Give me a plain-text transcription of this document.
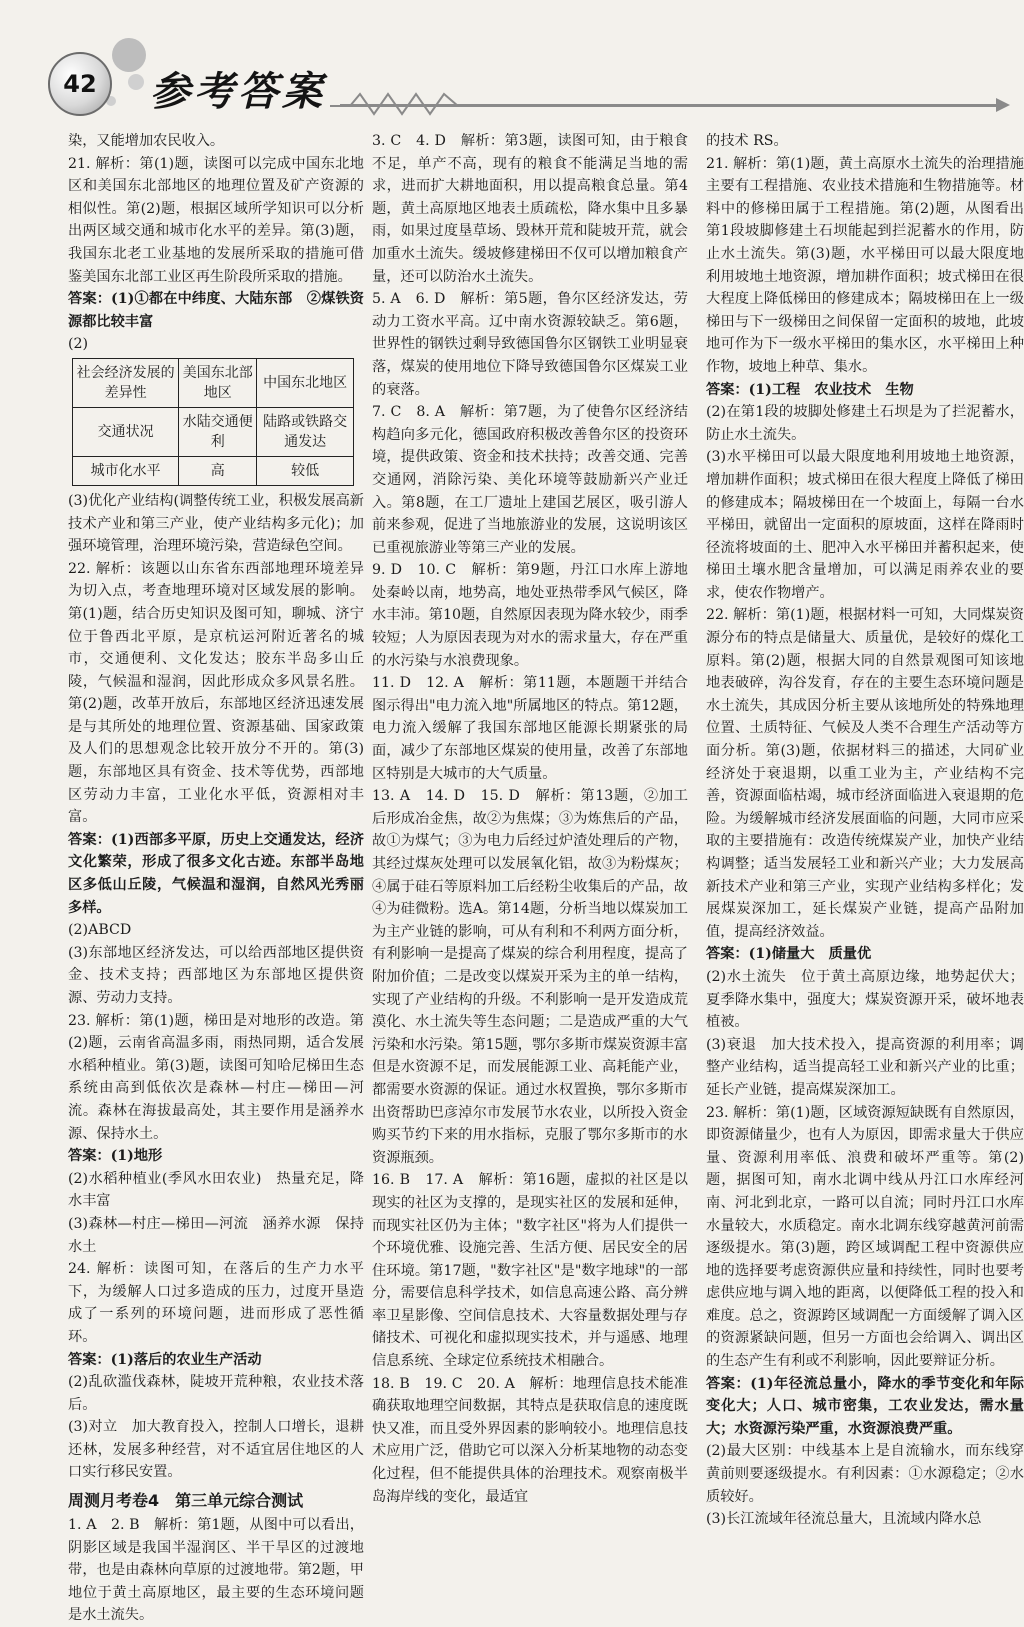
42	参考答案

染，又能增加农民收入。

21. 解析：第(1)题，读图可以完成中国东北地区和美国东北部地区的地理位置及矿产资源的相似性。第(2)题，根据区域所学知识可以分析出两区域交通和城市化水平的差异。第(3)题，我国东北老工业基地的发展所采取的措施可借鉴美国东北部工业区再生阶段所采取的措施。

答案：(1)①都在中纬度、大陆东部　②煤铁资源都比较丰富

(2)

社会经济发展的差异性	美国东北部地区	中国东北地区
交通状况	水陆交通便利	陆路或铁路交通发达
城市化水平	高	较低

(3)优化产业结构(调整传统工业，积极发展高新技术产业和第三产业，使产业结构多元化)；加强环境管理，治理环境污染，营造绿色空间。

22. 解析：该题以山东省东西部地理环境差异为切入点，考查地理环境对区域发展的影响。第(1)题，结合历史知识及图可知，聊城、济宁位于鲁西北平原，是京杭运河附近著名的城市，交通便利、文化发达；胶东半岛多山丘陵，气候温和湿润，因此形成众多风景名胜。第(2)题，改革开放后，东部地区经济迅速发展是与其所处的地理位置、资源基础、国家政策及人们的思想观念比较开放分不开的。第(3)题，东部地区具有资金、技术等优势，西部地区劳动力丰富，工业化水平低，资源相对丰富。

答案：(1)西部多平原，历史上交通发达，经济文化繁荣，形成了很多文化古迹。东部半岛地区多低山丘陵，气候温和湿润，自然风光秀丽多样。

(2)ABCD

(3)东部地区经济发达，可以给西部地区提供资金、技术支持；西部地区为东部地区提供资源、劳动力支持。

23. 解析：第(1)题，梯田是对地形的改造。第(2)题，云南省高温多雨，雨热同期，适合发展水稻种植业。第(3)题，读图可知哈尼梯田生态系统由高到低依次是森林—村庄—梯田—河流。森林在海拔最高处，其主要作用是涵养水源、保持水土。

答案：(1)地形

(2)水稻种植业(季风水田农业)　热量充足，降水丰富

(3)森林—村庄—梯田—河流　涵养水源　保持水土

24. 解析：读图可知，在落后的生产力水平下，为缓解人口过多造成的压力，过度开垦造成了一系列的环境问题，进而形成了恶性循环。

答案：(1)落后的农业生产活动

(2)乱砍滥伐森林，陡坡开荒种粮，农业技术落后。

(3)对立　加大教育投入，控制人口增长，退耕还林，发展多种经营，对不适宜居住地区的人口实行移民安置。

周测月考卷4　第三单元综合测试

1. A　2. B　解析：第1题，从图中可以看出，阴影区域是我国半湿润区、半干旱区的过渡地带，也是由森林向草原的过渡地带。第2题，甲地位于黄土高原地区，最主要的生态环境问题是水土流失。

3. C　4. D　解析：第3题，读图可知，由于粮食不足，单产不高，现有的粮食不能满足当地的需求，进而扩大耕地面积，用以提高粮食总量。第4题，黄土高原地区地表土质疏松，降水集中且多暴雨，如果过度垦草场、毁林开荒和陡坡开荒，就会加重水土流失。缓坡修建梯田不仅可以增加粮食产量，还可以防治水土流失。

5. A　6. D　解析：第5题，鲁尔区经济发达，劳动力工资水平高。辽中南水资源较缺乏。第6题，世界性的钢铁过剩导致德国鲁尔区钢铁工业明显衰落，煤炭的使用地位下降导致德国鲁尔区煤炭工业的衰落。

7. C　8. A　解析：第7题，为了使鲁尔区经济结构趋向多元化，德国政府积极改善鲁尔区的投资环境，提供政策、资金和技术扶持；改善交通、完善交通网，消除污染、美化环境等鼓励新兴产业迁入。第8题，在工厂遗址上建国艺展区，吸引游人前来参观，促进了当地旅游业的发展，这说明该区已重视旅游业等第三产业的发展。

9. D　10. C　解析：第9题，丹江口水库上游地处秦岭以南，地势高，地处亚热带季风气候区，降水丰沛。第10题，自然原因表现为降水较少，雨季较短；人为原因表现为对水的需求量大，存在严重的水污染与水浪费现象。

11. D　12. A　解析：第11题，本题题干并结合图示得出"电力流入地"所属地区的特点。第12题，电力流入缓解了我国东部地区能源长期紧张的局面，减少了东部地区煤炭的使用量，改善了东部地区特别是大城市的大气质量。

13. A　14. D　15. D　解析：第13题，②加工后形成冶金焦，故②为焦煤；③为炼焦后的产品，故①为煤气；③为电力后经过炉渣处理后的产物，其经过煤灰处理可以发展氧化铝，故③为粉煤灰；④属于硅石等原料加工后经粉尘收集后的产品，故④为硅微粉。选A。第14题，分析当地以煤炭加工为主产业链的影响，可从有利和不利两方面分析，有利影响一是提高了煤炭的综合利用程度，提高了附加价值；二是改变以煤炭开采为主的单一结构，实现了产业结构的升级。不利影响一是开发造成荒漠化、水土流失等生态问题；二是造成严重的大气污染和水污染。第15题，鄂尔多斯市煤炭资源丰富但是水资源不足，而发展能源工业、高耗能产业，都需要水资源的保证。通过水权置换，鄂尔多斯市出资帮助巴彦淖尔市发展节水农业，以所投入资金购买节约下来的用水指标，克服了鄂尔多斯市的水资源瓶颈。

16. B　17. A　解析：第16题，虚拟的社区是以现实的社区为支撑的，是现实社区的发展和延伸，而现实社区仍为主体；"数字社区"将为人们提供一个环境优雅、设施完善、生活方便、居民安全的居住环境。第17题，"数字社区"是"数字地球"的一部分，需要信息科学技术，如信息高速公路、高分辨率卫星影像、空间信息技术、大容量数据处理与存储技术、可视化和虚拟现实技术，并与遥感、地理信息系统、全球定位系统技术相融合。

18. B　19. C　20. A　解析：地理信息技术能准确获取地理空间数据，其特点是获取信息的速度既快又准，而且受外界因素的影响较小。地理信息技术应用广泛，借助它可以深入分析某地物的动态变化过程，但不能提供具体的治理技术。观察南极半岛海岸线的变化，最适宜

的技术 RS。

21. 解析：第(1)题，黄土高原水土流失的治理措施主要有工程措施、农业技术措施和生物措施等。材料中的修梯田属于工程措施。第(2)题，从图看出第1段坡脚修建土石坝能起到拦泥蓄水的作用，防止水土流失。第(3)题，水平梯田可以最大限度地利用坡地土地资源，增加耕作面积；坡式梯田在很大程度上降低梯田的修建成本；隔坡梯田在上一级梯田与下一级梯田之间保留一定面积的坡地，此坡地可作为下一级水平梯田的集水区，水平梯田上种作物，坡地上种草、集水。

答案：(1)工程　农业技术　生物

(2)在第1段的坡脚处修建土石坝是为了拦泥蓄水，防止水土流失。

(3)水平梯田可以最大限度地利用坡地土地资源，增加耕作面积；坡式梯田在很大程度上降低了梯田的修建成本；隔坡梯田在一个坡面上，每隔一台水平梯田，就留出一定面积的原坡面，这样在降雨时径流将坡面的土、肥冲入水平梯田并蓄积起来，使梯田土壤水肥含量增加，可以满足雨养农业的要求，使农作物增产。

22. 解析：第(1)题，根据材料一可知，大同煤炭资源分布的特点是储量大、质量优，是较好的煤化工原料。第(2)题，根据大同的自然景观图可知该地地表破碎，沟谷发育，存在的主要生态环境问题是水土流失，其成因分析主要从该地所处的特殊地理位置、土质特征、气候及人类不合理生产活动等方面分析。第(3)题，依据材料三的描述，大同矿业经济处于衰退期，以重工业为主，产业结构不完善，资源面临枯竭，城市经济面临进入衰退期的危险。为缓解城市经济发展面临的问题，大同市应采取的主要措施有：改造传统煤炭产业，加快产业结构调整；适当发展轻工业和新兴产业；大力发展高新技术产业和第三产业，实现产业结构多样化；发展煤炭深加工，延长煤炭产业链，提高产品附加值，提高经济效益。

答案：(1)储量大　质量优

(2)水土流失　位于黄土高原边缘，地势起伏大；夏季降水集中，强度大；煤炭资源开采，破坏地表植被。

(3)衰退　加大技术投入，提高资源的利用率；调整产业结构，适当提高轻工业和新兴产业的比重；延长产业链，提高煤炭深加工。

23. 解析：第(1)题，区域资源短缺既有自然原因，即资源储量少，也有人为原因，即需求量大于供应量、资源利用率低、浪费和破坏严重等。第(2)题，据图可知，南水北调中线从丹江口水库经河南、河北到北京，一路可以自流；同时丹江口水库水量较大，水质稳定。南水北调东线穿越黄河前需逐级提水。第(3)题，跨区域调配工程中资源供应地的选择要考虑资源供应量和持续性，同时也要考虑供应地与调入地的距离，以便降低工程的投入和难度。总之，资源跨区域调配一方面缓解了调入区的资源紧缺问题，但另一方面也会给调入、调出区的生态产生有利或不利影响，因此要辩证分析。

答案：(1)年径流总量小，降水的季节变化和年际变化大；人口、城市密集，工农业发达，需水量大；水资源污染严重，水资源浪费严重。

(2)最大区别：中线基本上是自流输水，而东线穿黄前则要逐级提水。有利因素：①水源稳定；②水质较好。

(3)长江流域年径流总量大，且流域内降水总
